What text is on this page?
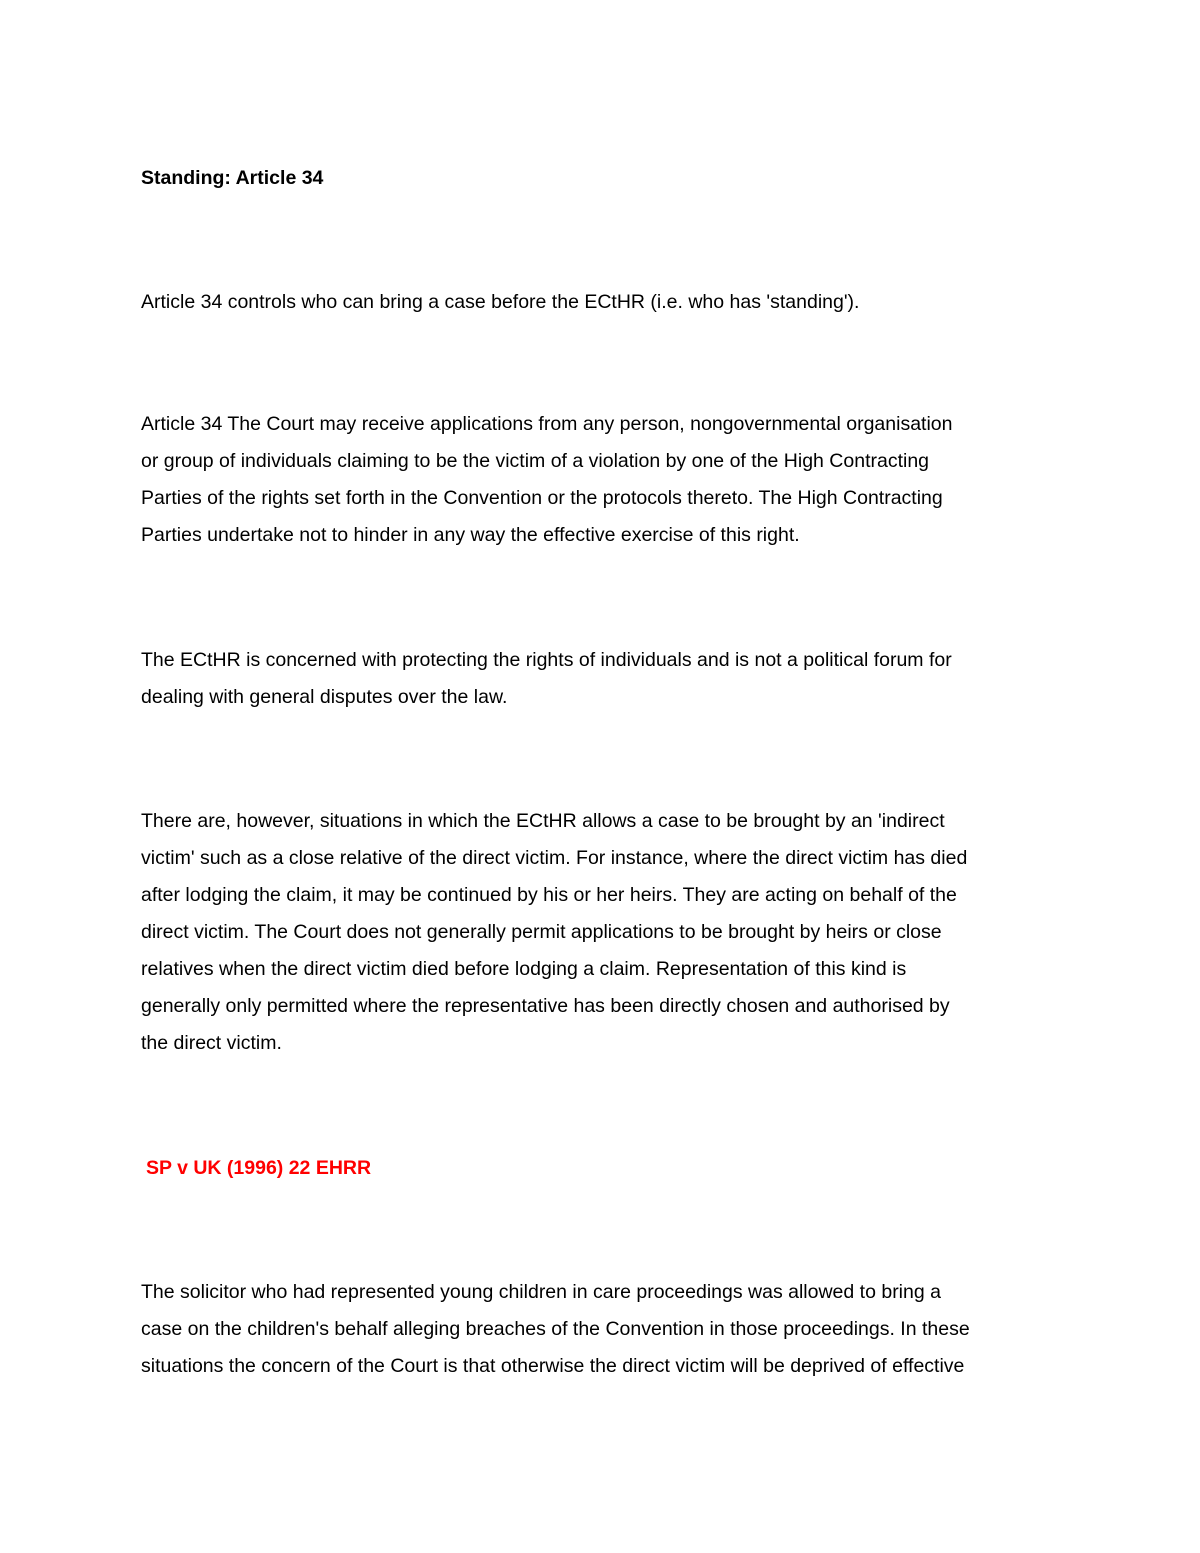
Standing: Article 34

Article 34 controls who can bring a case before the ECtHR (i.e. who has 'standing').

Article 34 The Court may receive applications from any person, nongovernmental organisation
or group of individuals claiming to be the victim of a violation by one of the High Contracting
Parties of the rights set forth in the Convention or the protocols thereto. The High Contracting
Parties undertake not to hinder in any way the effective exercise of this right.

The ECtHR is concerned with protecting the rights of individuals and is not a political forum for
dealing with general disputes over the law.

There are, however, situations in which the ECtHR allows a case to be brought by an 'indirect
victim' such as a close relative of the direct victim. For instance, where the direct victim has died
after lodging the claim, it may be continued by his or her heirs. They are acting on behalf of the
direct victim. The Court does not generally permit applications to be brought by heirs or close
relatives when the direct victim died before lodging a claim. Representation of this kind is
generally only permitted where the representative has been directly chosen and authorised by
the direct victim.

SP v UK (1996) 22 EHRR

The solicitor who had represented young children in care proceedings was allowed to bring a
case on the children's behalf alleging breaches of the Convention in those proceedings. In these
situations the concern of the Court is that otherwise the direct victim will be deprived of effective
